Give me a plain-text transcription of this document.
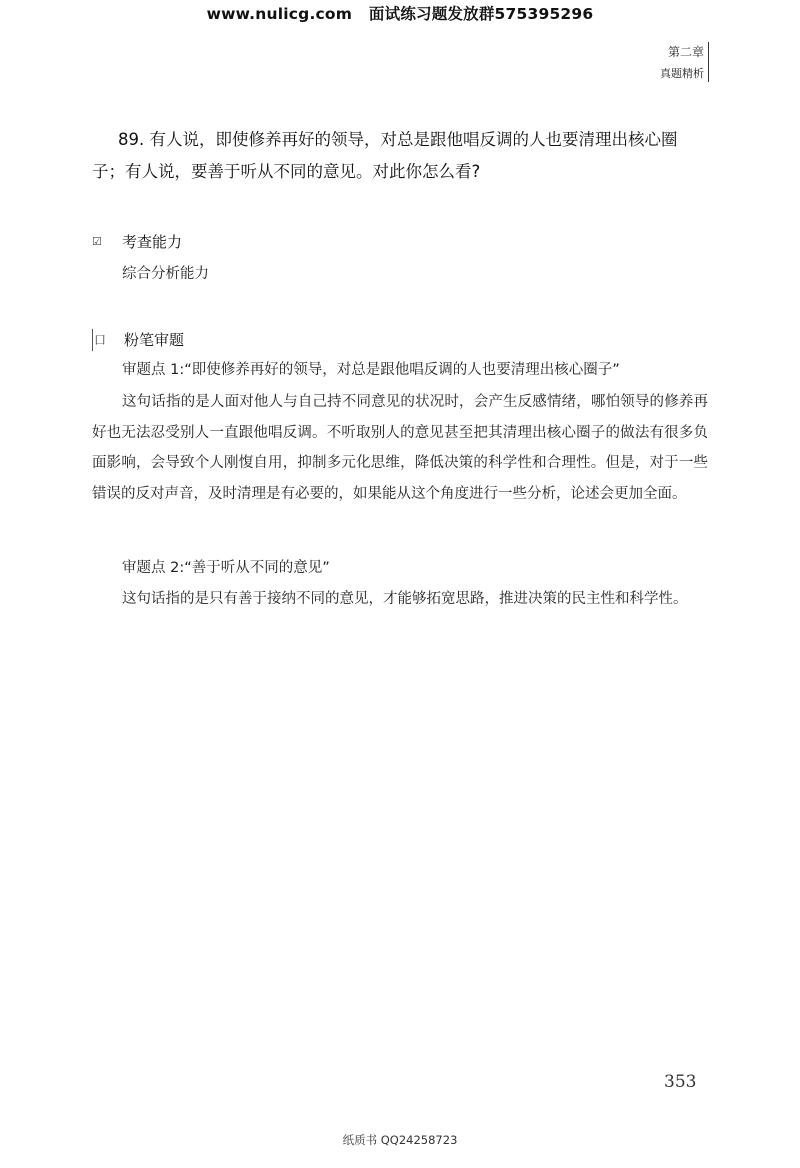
www.nulicg.com 面试练习题发放群575395296
第二章
真题精析
89. 有人说，即使修养再好的领导，对总是跟他唱反调的人也要清理出核心圈子；有人说，要善于听从不同的意见。对此你怎么看?
☑	考查能力
综合分析能力
口	粉笔审题
审题点 1:“即使修养再好的领导，对总是跟他唱反调的人也要清理出核心圈子”
这句话指的是人面对他人与自己持不同意见的状况时，会产生反感情绪，哪怕领导的修养再好也无法忍受别人一直跟他唱反调。不听取别人的意见甚至把其清理出核心圈子的做法有很多负面影响，会导致个人刚愎自用，抑制多元化思维，降低决策的科学性和合理性。但是，对于一些错误的反对声音，及时清理是有必要的，如果能从这个角度进行一些分析，论述会更加全面。
审题点 2:“善于听从不同的意见”
这句话指的是只有善于接纳不同的意见，才能够拓宽思路，推进决策的民主性和科学性。
353
纸质书 QQ24258723
